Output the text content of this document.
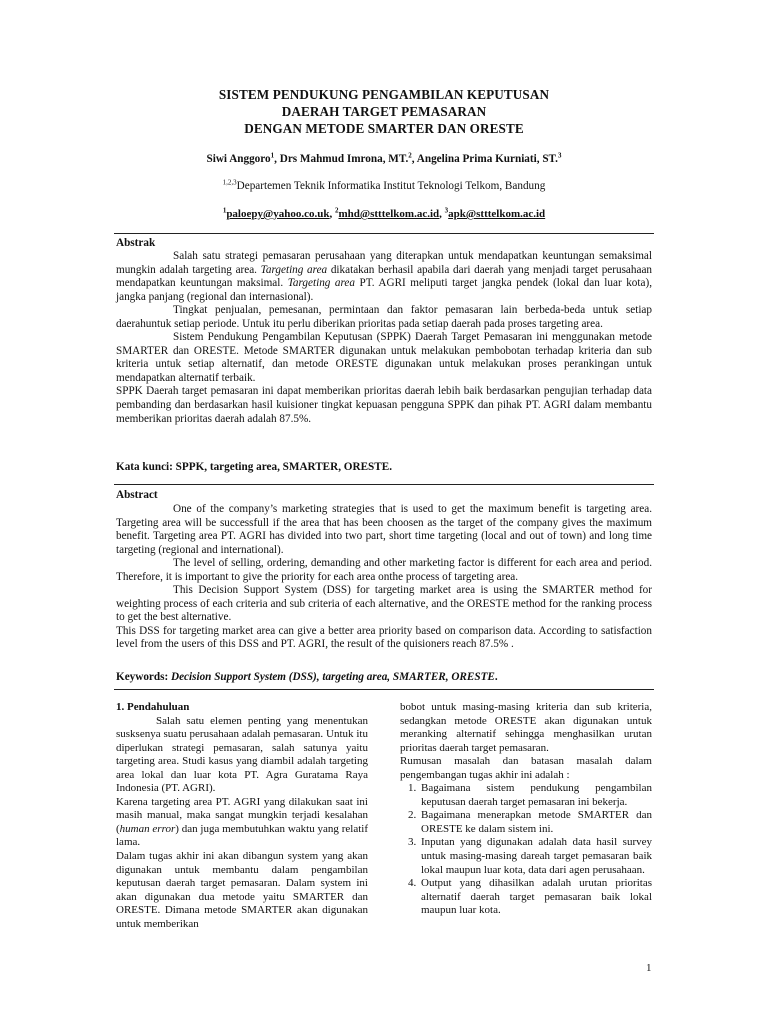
SISTEM PENDUKUNG PENGAMBILAN KEPUTUSAN
DAERAH TARGET PEMASARAN
DENGAN METODE SMARTER DAN ORESTE
Siwi Anggoro$^1$, Drs Mahmud Imrona, MT.$^2$, Angelina Prima Kurniati, ST.$^3$
$^{1,2,3}$Departemen Teknik Informatika Institut Teknologi Telkom, Bandung
$^1$paloepy@yahoo.co.uk, $^2$mhd@stttelkom.ac.id, $^3$apk@stttelkom.ac.id
Abstrak

Salah satu strategi pemasaran perusahaan yang diterapkan untuk mendapatkan keuntungan semaksimal mungkin adalah targeting area. Targeting area dikatakan berhasil apabila dari daerah yang menjadi target perusahaan mendapatkan keuntungan maksimal. Targeting area PT. AGRI meliputi target jangka pendek (lokal dan luar kota), jangka panjang (regional dan internasional).

Tingkat penjualan, pemesanan, permintaan dan faktor pemasaran lain berbeda-beda untuk setiap daerahuntuk setiap periode. Untuk itu perlu diberikan prioritas pada setiap daerah pada proses targeting area.

Sistem Pendukung Pengambilan Keputusan (SPPK) Daerah Target Pemasaran ini menggunakan metode SMARTER dan ORESTE. Metode SMARTER digunakan untuk melakukan pembobotan terhadap kriteria dan sub kriteria untuk setiap alternatif, dan metode ORESTE digunakan untuk melakukan proses perankingan untuk mendapatkan alternatif terbaik.

SPPK Daerah target pemasaran ini dapat memberikan prioritas daerah lebih baik berdasarkan pengujian terhadap data pembanding dan berdasarkan hasil kuisioner tingkat kepuasan pengguna SPPK dan pihak PT. AGRI dalam membantu memberikan prioritas daerah adalah 87.5%.

Kata kunci: SPPK, targeting area, SMARTER, ORESTE.
Abstract

One of the company’s marketing strategies that is used to get the maximum benefit is targeting area. Targeting area will be successfull if the area that has been choosen as the target of the company gives the maximum benefit. Targeting area PT. AGRI has divided into two part, short time targeting (local and out of town) and long time targeting (regional and international).

The level of selling, ordering, demanding and other marketing factor is different for each area and period. Therefore, it is important to give the priority for each area onthe process of targeting area.

This Decision Support System (DSS) for targeting market area is using the SMARTER method for weighting process of each criteria and sub criteria of each alternative, and the ORESTE method for the ranking process to get the best alternative.

This DSS for targeting market area can give a better area priority based on comparison data. According to satisfaction level from the users of this DSS and PT. AGRI, the result of the quisioners reach 87.5% .

Keywords: Decision Support System (DSS), targeting area, SMARTER, ORESTE.

1. Pendahuluan

Salah satu elemen penting yang menentukan susksenya suatu perusahaan adalah pemasaran. Untuk itu diperlukan strategi pemasaran, salah satunya yaitu targeting area. Studi kasus yang diambil adalah targeting area lokal dan luar kota PT. Agra Guratama Raya Indonesia (PT. AGRI).

Karena targeting area PT. AGRI yang dilakukan saat ini masih manual, maka sangat mungkin terjadi kesalahan (human error) dan juga membutuhkan waktu yang relatif lama.

Dalam tugas akhir ini akan dibangun system yang akan digunakan untuk membantu dalam pengambilan keputusan daerah target pemasaran. Dalam system ini akan digunakan dua metode yaitu SMARTER dan ORESTE. Dimana metode SMARTER akan digunakan untuk memberikan

bobot untuk masing-masing kriteria dan sub kriteria, sedangkan metode ORESTE akan digunakan untuk meranking alternatif sehingga menghasilkan urutan prioritas daerah target pemasaran.

Rumusan masalah dan batasan masalah dalam pengembangan tugas akhir ini adalah :

1. Bagaimana sistem pendukung pengambilan keputusan daerah target pemasaran ini bekerja.
2. Bagaimana menerapkan metode SMARTER dan ORESTE ke dalam sistem ini.
3. Inputan yang digunakan adalah data hasil survey untuk masing-masing dareah target pemasaran baik lokal maupun luar kota, data dari agen perusahaan.
4. Output yang dihasilkan adalah urutan prioritas alternatif daerah target pemasaran baik lokal maupun luar kota.
1
